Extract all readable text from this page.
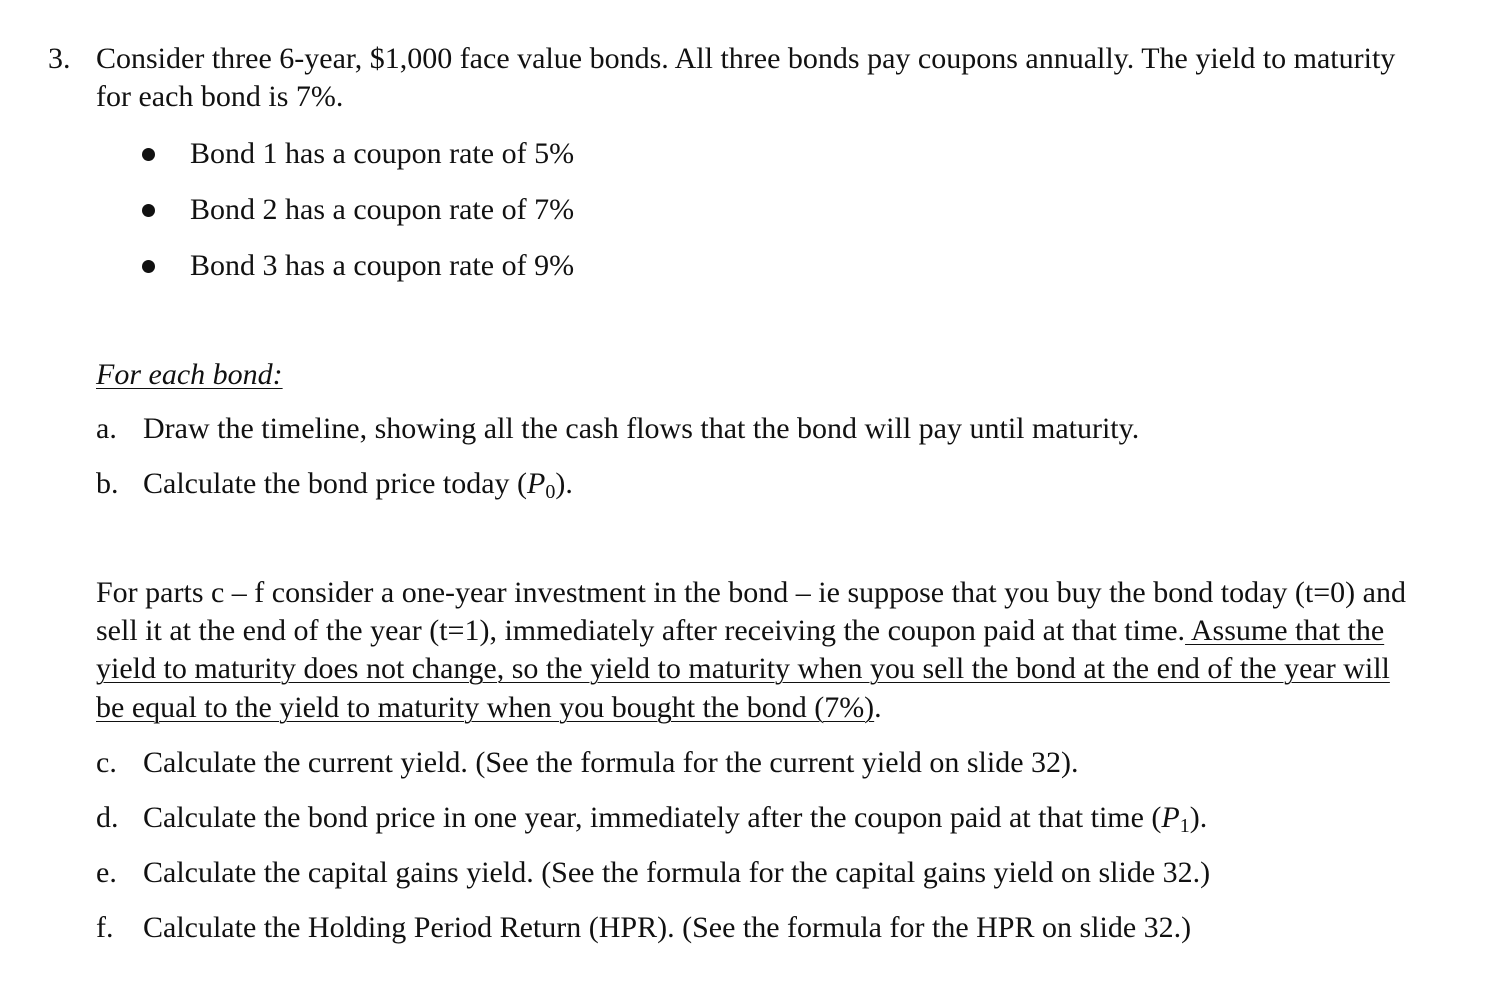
3. Consider three 6-year, $1,000 face value bonds. All three bonds pay coupons annually. The yield to maturity

for each bond is 7%.

Bond 1 has a coupon rate of 5%

Bond 2 has a coupon rate of 7%

Bond 3 has a coupon rate of 9%

For each bond:

a. Draw the timeline, showing all the cash flows that the bond will pay until maturity.

b. Calculate the bond price today $(P_0)$.

For parts c – f consider a one-year investment in the bond – ie suppose that you buy the bond today (t=0) and

sell it at the end of the year (t=1), immediately after receiving the coupon paid at that time. Assume that the

yield to maturity does not change, so the yield to maturity when you sell the bond at the end of the year will

be equal to the yield to maturity when you bought the bond (7%).

c. Calculate the current yield. (See the formula for the current yield on slide 32).

d. Calculate the bond price in one year, immediately after the coupon paid at that time $(P_1)$.

e. Calculate the capital gains yield. (See the formula for the capital gains yield on slide 32.)

f. Calculate the Holding Period Return (HPR). (See the formula for the HPR on slide 32.)
